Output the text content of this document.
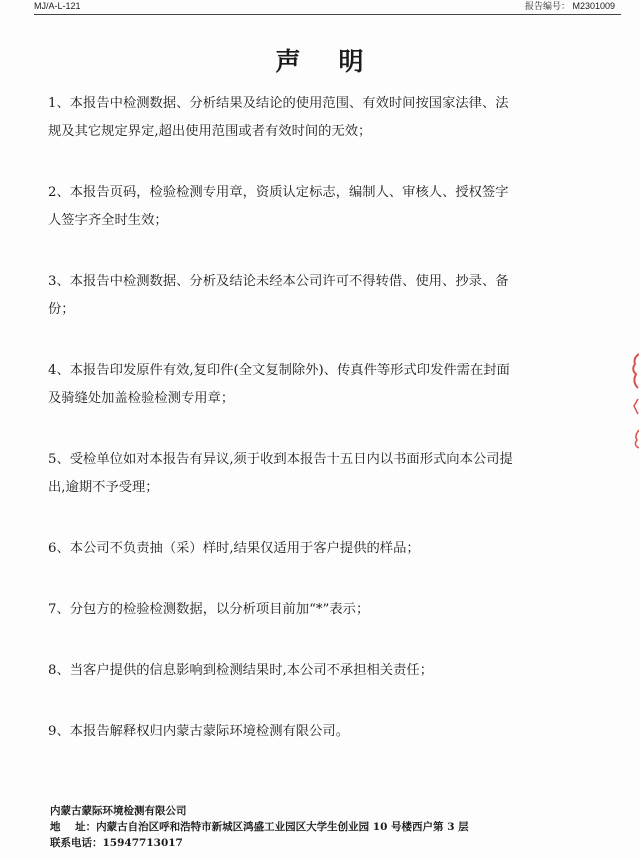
MJ/A-L-121	报告编号： M2301009
声明

1、本报告中检测数据、分析结果及结论的使用范围、有效时间按国家法律、法

规及其它规定界定,超出使用范围或者有效时间的无效；

2、本报告页码，检验检测专用章，资质认定标志，编制人、审核人、授权签字

人签字齐全时生效；

3、本报告中检测数据、分析及结论未经本公司许可不得转借、使用、抄录、备

份；

4、本报告印发原件有效,复印件(全文复制除外)、传真件等形式印发件需在封面

及骑缝处加盖检验检测专用章；

5、受检单位如对本报告有异议,须于收到本报告十五日内以书面形式向本公司提

出,逾期不予受理；

6、本公司不负责抽（采）样时,结果仅适用于客户提供的样品；

7、分包方的检验检测数据，以分析项目前加“*”表示；

8、当客户提供的信息影响到检测结果时,本公司不承担相关责任；

9、本报告解释权归内蒙古蒙际环境检测有限公司。

内蒙古蒙际环境检测有限公司
地    址：内蒙古自治区呼和浩特市新城区鸿盛工业园区大学生创业园 10 号楼西户第 3 层
联系电话：15947713017
